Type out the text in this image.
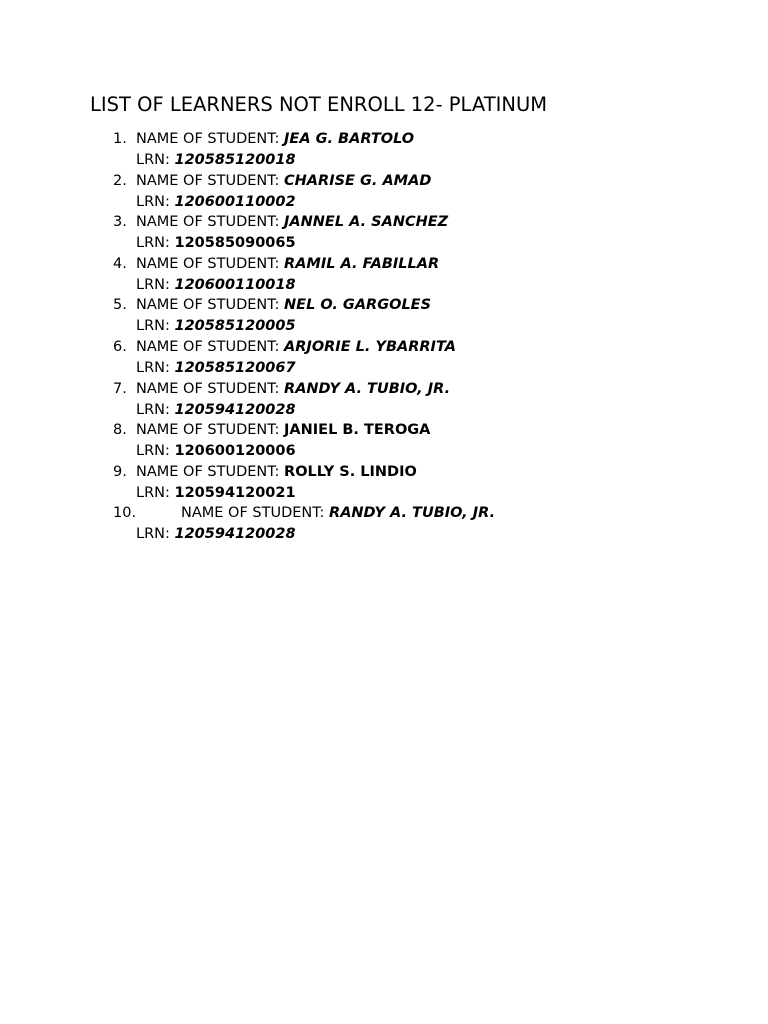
LIST OF LEARNERS NOT ENROLL 12- PLATINUM
1. NAME OF STUDENT: JEA G. BARTOLO
LRN: 120585120018
2. NAME OF STUDENT: CHARISE G. AMAD
LRN: 120600110002
3. NAME OF STUDENT: JANNEL A. SANCHEZ
LRN: 120585090065
4. NAME OF STUDENT: RAMIL A. FABILLAR
LRN: 120600110018
5. NAME OF STUDENT: NEL O. GARGOLES
LRN: 120585120005
6. NAME OF STUDENT: ARJORIE L. YBARRITA
LRN: 120585120067
7. NAME OF STUDENT: RANDY A. TUBIO, JR.
LRN: 120594120028
8. NAME OF STUDENT: JANIEL B. TEROGA
LRN: 120600120006
9. NAME OF STUDENT: ROLLY S. LINDIO
LRN: 120594120021
10.	NAME OF STUDENT: RANDY A. TUBIO, JR.
LRN: 120594120028
